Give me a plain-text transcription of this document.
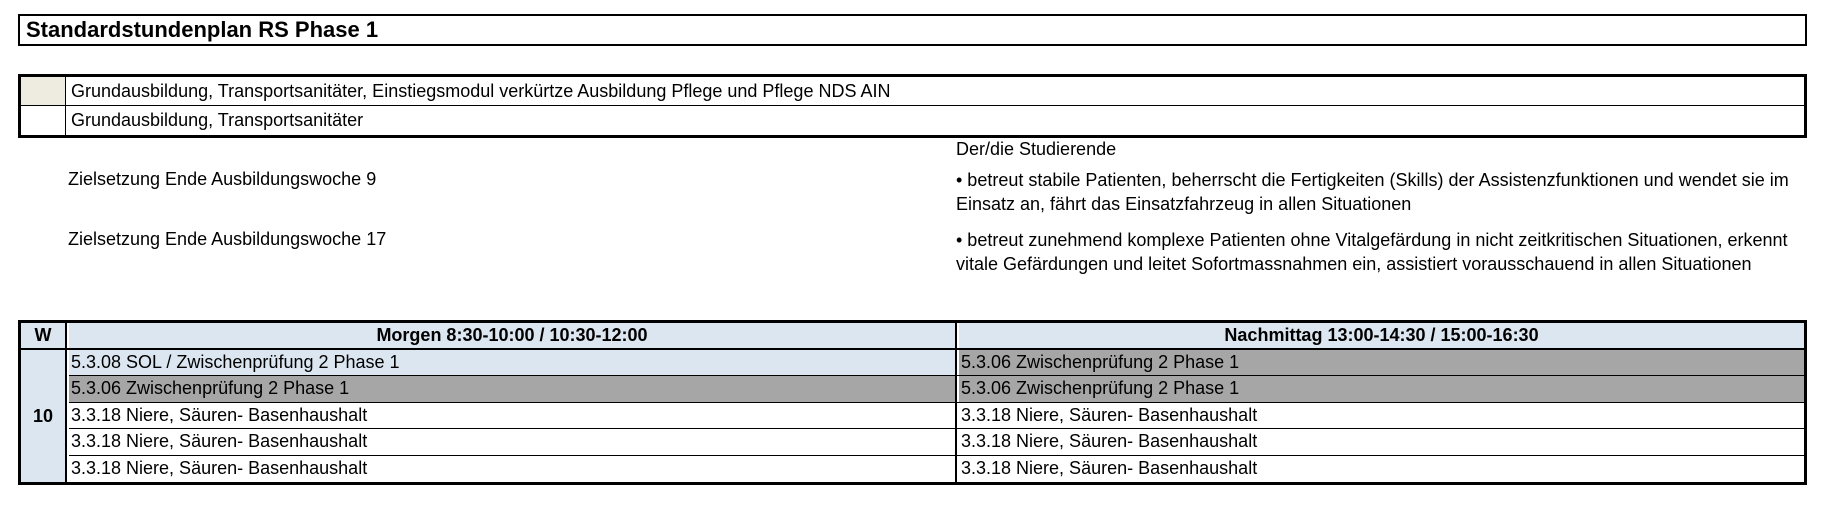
Standardstundenplan RS Phase 1
Grundausbildung, Transportsanitäter, Einstiegsmodul verkürtze Ausbildung Pflege und Pflege NDS AIN
Grundausbildung, Transportsanitäter
Der/die Studierende
Zielsetzung Ende Ausbildungswoche 9	• betreut stabile Patienten, beherrscht die Fertigkeiten (Skills) der Assistenzfunktionen und wendet sie im Einsatz an, fährt das Einsatzfahrzeug in allen Situationen
Zielsetzung Ende Ausbildungswoche 17	• betreut zunehmend komplexe Patienten ohne Vitalgefärdung in nicht zeitkritischen Situationen, erkennt vitale Gefärdungen und leitet Sofortmassnahmen ein, assistiert vorausschauend in allen Situationen
W	Morgen 8:30-10:00 / 10:30-12:00	Nachmittag 13:00-14:30 / 15:00-16:30
10
5.3.08 SOL / Zwischenprüfung 2 Phase 1	5.3.06 Zwischenprüfung 2 Phase 1
5.3.06 Zwischenprüfung 2 Phase 1	5.3.06 Zwischenprüfung 2 Phase 1
3.3.18 Niere, Säuren- Basenhaushalt	3.3.18 Niere, Säuren- Basenhaushalt
3.3.18 Niere, Säuren- Basenhaushalt	3.3.18 Niere, Säuren- Basenhaushalt
3.3.18 Niere, Säuren- Basenhaushalt	3.3.18 Niere, Säuren- Basenhaushalt
